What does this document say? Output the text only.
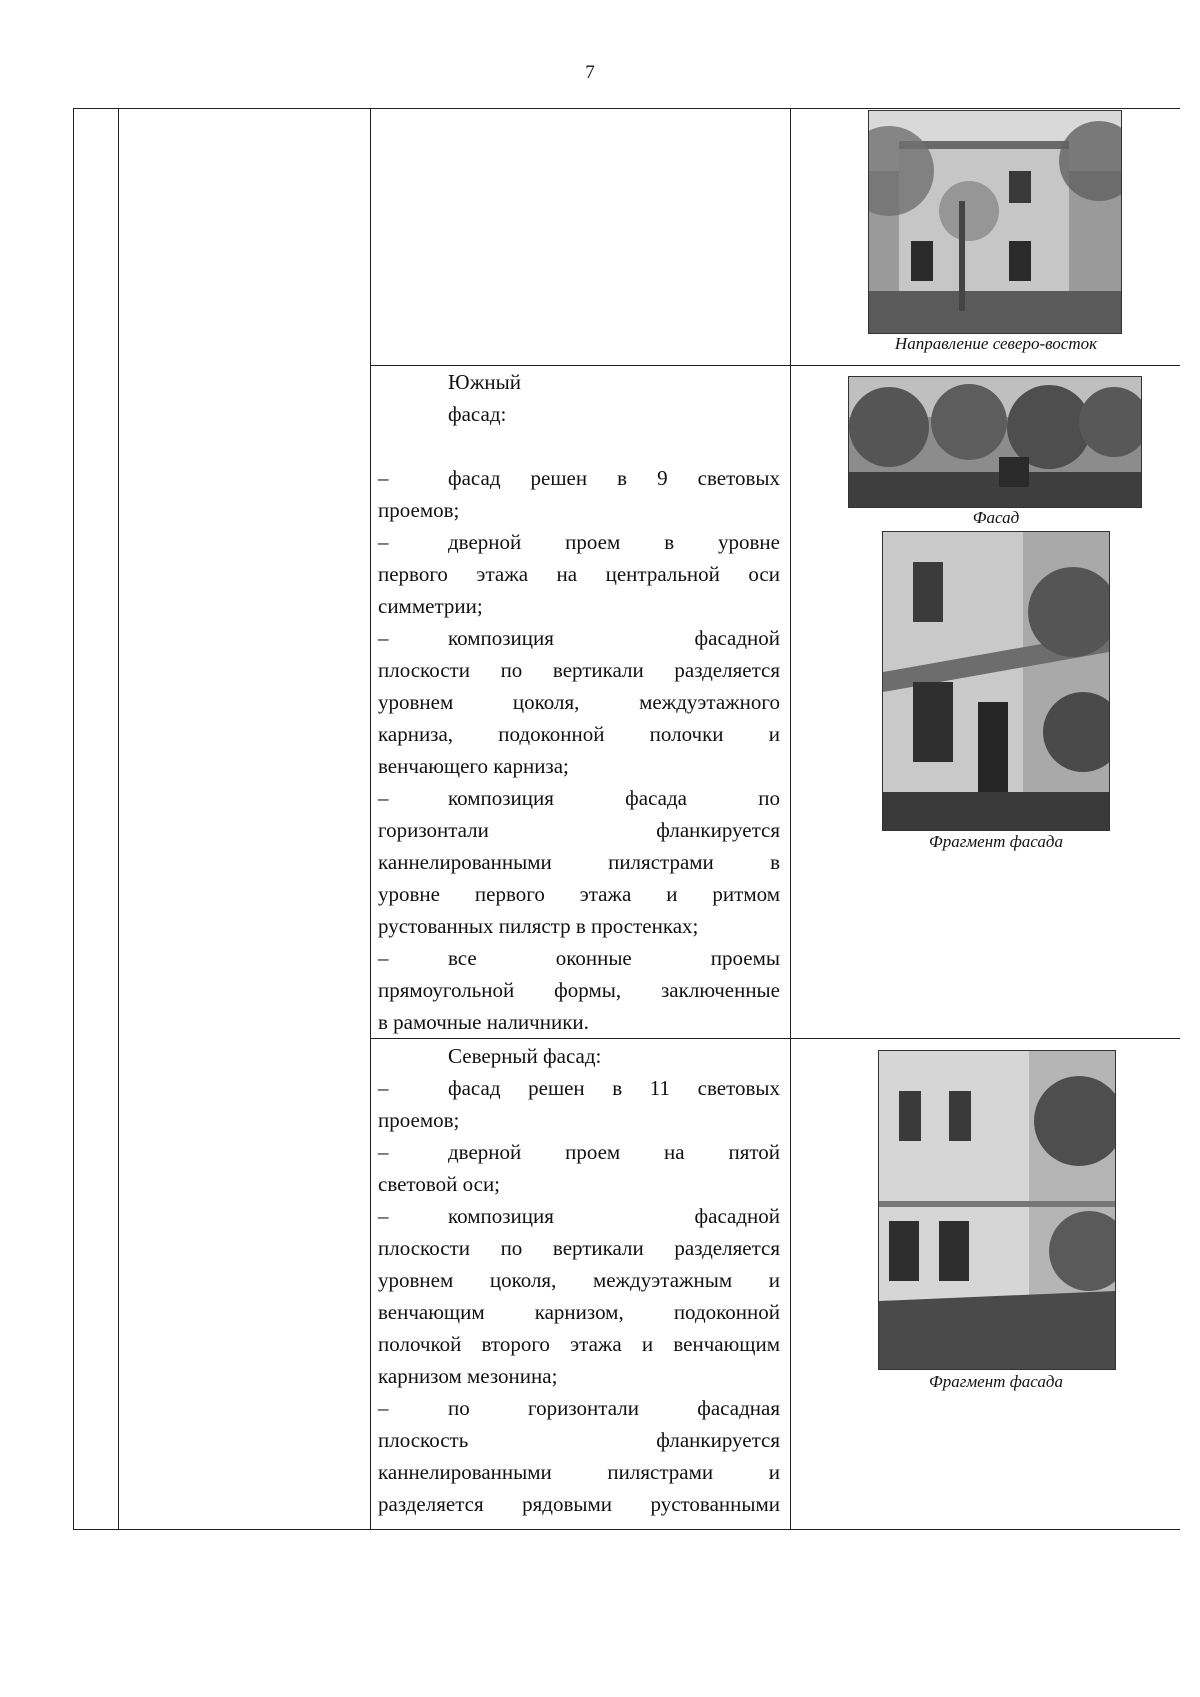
7
Направление северо-восток
Южный
фасад:
–	фасад решен в 9 световых
проемов;
–	дверной проем в уровне
первого этажа на центральной оси
симметрии;
–	композиция фасадной
плоскости по вертикали разделяется
уровнем цоколя, междуэтажного
карниза, подоконной полочки и
венчающего карниза;
–	композиция фасада по
горизонтали фланкируется
каннелированными пилястрами в
уровне первого этажа и ритмом
рустованных пилястр в простенках;
–	все оконные проемы
прямоугольной формы, заключенные
в рамочные наличники.
Фасад
Фрагмент фасада
Северный фасад:
–	фасад решен в 11 световых
проемов;
–	дверной проем на пятой
световой оси;
–	композиция фасадной
плоскости по вертикали разделяется
уровнем цоколя, междуэтажным и
венчающим карнизом, подоконной
полочкой второго этажа и венчающим
карнизом мезонина;
–	по горизонтали фасадная
плоскость фланкируется
каннелированными пилястрами и
разделяется рядовыми рустованными
Фрагмент фасада
